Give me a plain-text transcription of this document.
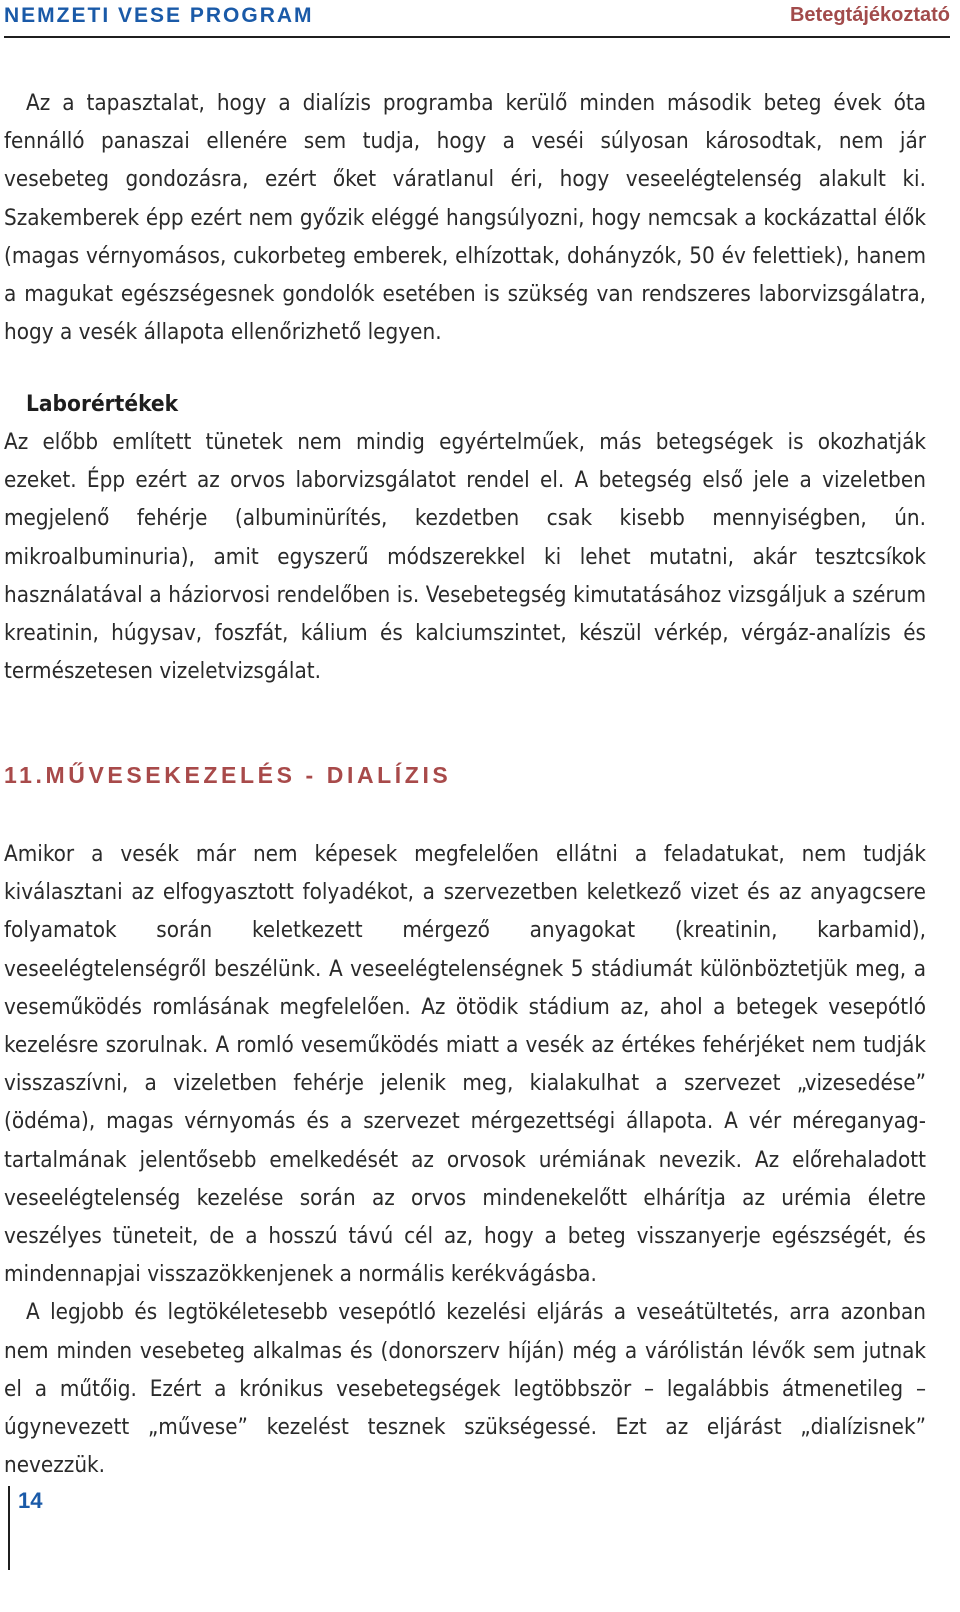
NEMZETI VESE PROGRAM	Betegtájékoztató

Az a tapasztalat, hogy a dialízis programba kerülő minden második beteg évek óta fennálló panaszai ellenére sem tudja, hogy a veséi súlyosan károsodtak, nem jár vesebeteg gondozásra, ezért őket váratlanul éri, hogy veseelégtelenség alakult ki. Szakemberek épp ezért nem győzik eléggé hangsúlyozni, hogy nemcsak a kockázattal élők (magas vérnyomásos, cukorbeteg emberek, elhízottak, dohányzók, 50 év felettiek), hanem a magukat egészségesnek gondolók esetében is szükség van rendszeres laborvizsgálatra, hogy a vesék állapota ellenőrizhető legyen.

Laborértékek

Az előbb említett tünetek nem mindig egyértelműek, más betegségek is okozhatják ezeket. Épp ezért az orvos laborvizsgálatot rendel el. A betegség első jele a vizeletben megjelenő fehérje (albuminürítés, kezdetben csak kisebb mennyiségben, ún. mikroalbuminuria), amit egyszerű módszerekkel ki lehet mutatni, akár tesztcsíkok használatával a háziorvosi rendelőben is. Vesebetegség kimutatásához vizsgáljuk a szérum kreatinin, húgysav, foszfát, kálium és kalciumszintet, készül vérkép, vérgáz-analízis és természetesen vizeletvizsgálat.

11.MŰVESEKEZELÉS - DIALÍZIS

Amikor a vesék már nem képesek megfelelően ellátni a feladatukat, nem tudják kiválasztani az elfogyasztott folyadékot, a szervezetben keletkező vizet és az anyagcsere folyamatok során keletkezett mérgező anyagokat (kreatinin, karbamid), veseelégtelenségről beszélünk. A veseelégtelenségnek 5 stádiumát különböztetjük meg, a veseműködés romlásának megfelelően. Az ötödik stádium az, ahol a betegek vesepótló kezelésre szorulnak. A romló veseműködés miatt a vesék az értékes fehérjéket nem tudják visszaszívni, a vizeletben fehérje jelenik meg, kialakulhat a szervezet „vizesedése” (ödéma), magas vérnyomás és a szervezet mérgezettségi állapota. A vér méreganyag-tartalmának jelentősebb emelkedését az orvosok urémiának nevezik. Az előrehaladott veseelégtelenség kezelése során az orvos mindenekelőtt elhárítja az urémia életre veszélyes tüneteit, de a hosszú távú cél az, hogy a beteg visszanyerje egészségét, és mindennapjai visszazökkenjenek a normális kerékvágásba.

A legjobb és legtökéletesebb vesepótló kezelési eljárás a veseátültetés, arra azonban nem minden vesebeteg alkalmas és (donorszerv híján) még a várólistán lévők sem jutnak el a műtőig. Ezért a krónikus vesebetegségek legtöbbször – legalábbis átmenetileg – úgynevezett „művese” kezelést tesznek szükségessé. Ezt az eljárást „dialízisnek” nevezzük.

14
